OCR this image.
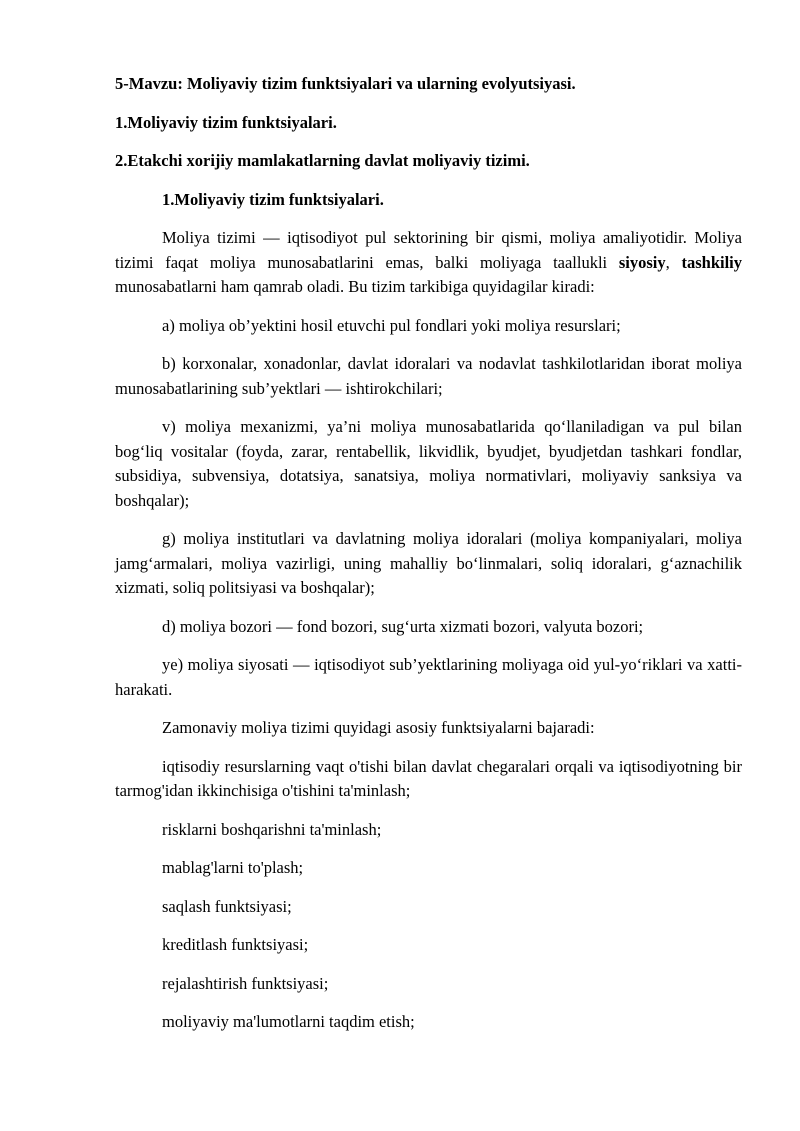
5-Mavzu: Moliyaviy tizim funktsiyalari va ularning evolyutsiyasi.

1.Moliyaviy tizim funktsiyalari.

2.Etakchi xorijiy mamlakatlarning davlat moliyaviy tizimi.

1.Moliyaviy tizim funktsiyalari.

Moliya tizimi — iqtisodiyot pul sektorining bir qismi, moliya amaliyotidir. Moliya tizimi faqat moliya munosabatlarini emas, balki moliyaga taallukli siyosiy, tashkiliy munosabatlarni ham qamrab oladi. Bu tizim tarkibiga quyidagilar kiradi:

a) moliya ob’yektini hosil etuvchi pul fondlari yoki moliya resurslari;

b) korxonalar, xonadonlar, davlat idoralari va nodavlat tashkilotlaridan iborat moliya munosabatlarining sub’yektlari — ishtirokchilari;

v) moliya mexanizmi, ya’ni moliya munosabatlarida qo‘llaniladigan va pul bilan bog‘liq vositalar (foyda, zarar, rentabellik, likvidlik, byudjet, byudjetdan tashkari fondlar, subsidiya, subvensiya, dotatsiya, sanatsiya, moliya normativlari, moliyaviy sanksiya va boshqalar);

g) moliya institutlari va davlatning moliya idoralari (moliya kompaniyalari, moliya jamg‘armalari, moliya vazirligi, uning mahalliy bo‘linmalari, soliq idoralari, g‘aznachilik xizmati, soliq politsiyasi va boshqalar);

d) moliya bozori — fond bozori, sug‘urta xizmati bozori, valyuta bozori;

ye) moliya siyosati — iqtisodiyot sub’yektlarining moliyaga oid yul-yo‘riklari va xatti-harakati.

Zamonaviy moliya tizimi quyidagi asosiy funktsiyalarni bajaradi:

iqtisodiy resurslarning vaqt o'tishi bilan davlat chegaralari orqali va iqtisodiyotning bir tarmog'idan ikkinchisiga o'tishini ta'minlash;

risklarni boshqarishni ta'minlash;

mablag'larni to'plash;

saqlash funktsiyasi;

kreditlash funktsiyasi;

rejalashtirish funktsiyasi;

moliyaviy ma'lumotlarni taqdim etish;
